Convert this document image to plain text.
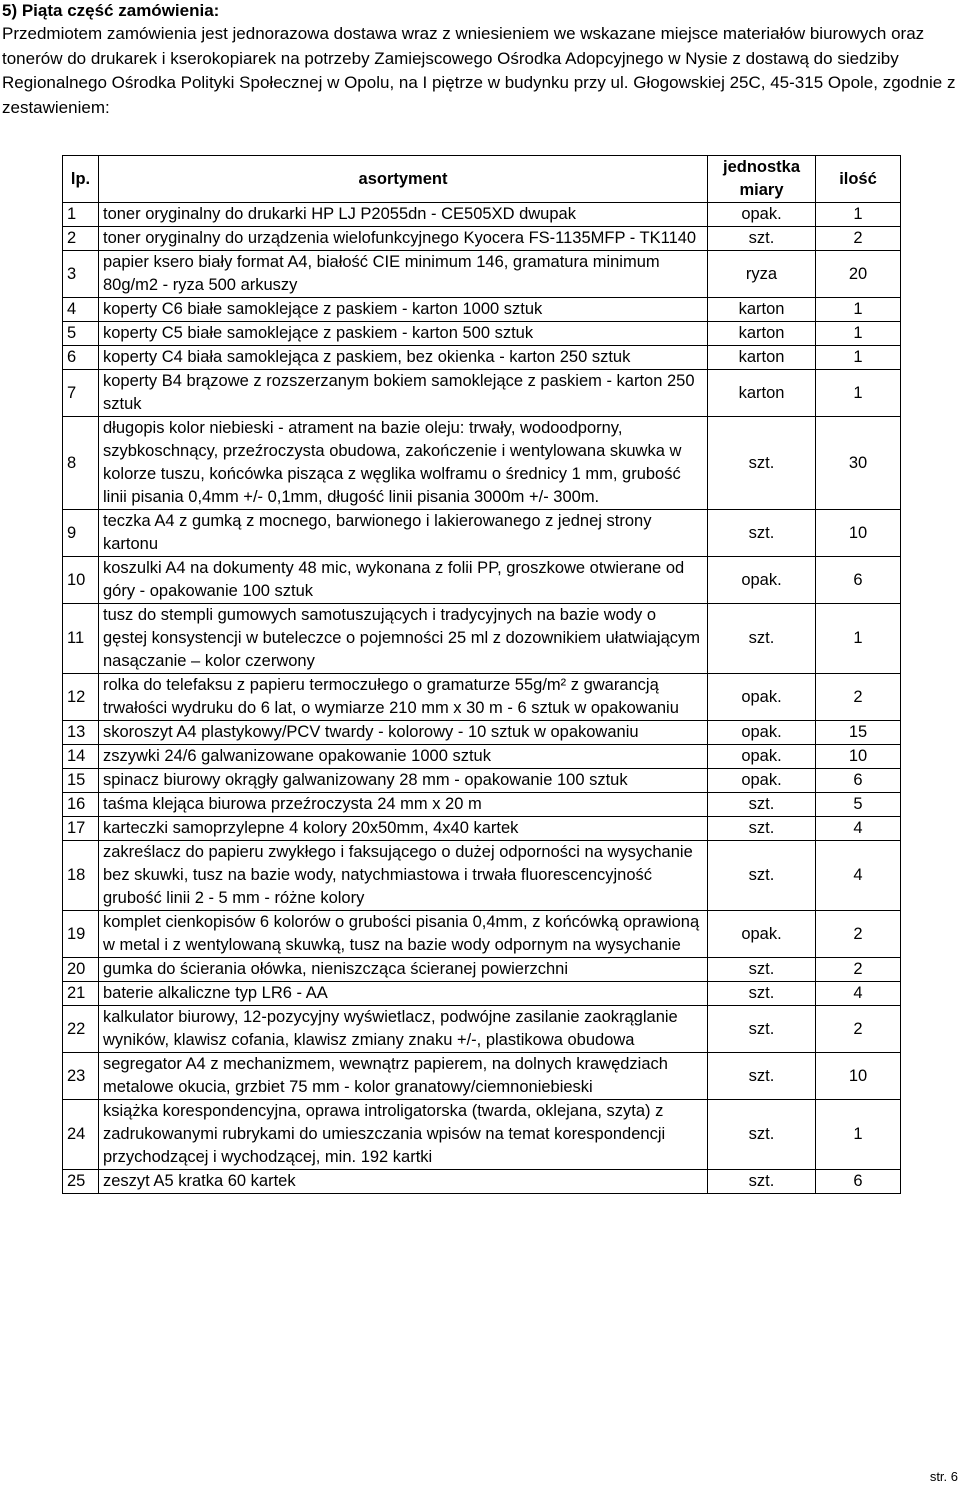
5) Piąta część zamówienia:
Przedmiotem zamówienia jest jednorazowa dostawa wraz z wniesieniem we wskazane miejsce materiałów biurowych oraz tonerów do drukarek i kserokopiarek na potrzeby Zamiejscowego Ośrodka Adopcyjnego w Nysie z dostawą do siedziby Regionalnego Ośrodka Polityki Społecznej w Opolu, na I piętrze w budynku przy ul. Głogowskiej 25C, 45-315 Opole, zgodnie z zestawieniem:
lp.	asortyment	jednostka miary	ilość
1	toner oryginalny do drukarki HP LJ P2055dn - CE505XD dwupak	opak.	1
2	toner oryginalny do urządzenia wielofunkcyjnego Kyocera FS-1135MFP - TK1140	szt.	2
3	papier ksero biały format A4, białość CIE minimum 146, gramatura minimum 80g/m2 - ryza 500 arkuszy	ryza	20
4	koperty C6 białe samoklejące z paskiem - karton 1000 sztuk	karton	1
5	koperty C5 białe samoklejące z paskiem - karton 500 sztuk	karton	1
6	koperty C4 biała samoklejąca z paskiem, bez okienka - karton 250 sztuk	karton	1
7	koperty B4 brązowe z rozszerzanym bokiem samoklejące z paskiem - karton 250 sztuk	karton	1
8	długopis kolor niebieski - atrament na bazie oleju: trwały, wodoodporny, szybkoschnący, przeźroczysta obudowa, zakończenie i wentylowana skuwka w kolorze tuszu, końcówka pisząca z węglika wolframu o średnicy 1 mm, grubość linii pisania 0,4mm +/- 0,1mm, długość linii pisania 3000m +/- 300m.	szt.	30
9	teczka A4 z gumką z mocnego, barwionego i lakierowanego z jednej strony kartonu	szt.	10
10	koszulki A4 na dokumenty 48 mic, wykonana z folii PP, groszkowe otwierane od góry - opakowanie 100 sztuk	opak.	6
11	tusz do stempli gumowych samotuszujących i tradycyjnych na bazie wody o gęstej konsystencji w buteleczce o pojemności 25 ml z dozownikiem ułatwiającym nasączanie – kolor czerwony	szt.	1
12	rolka do telefaksu z papieru termoczułego o gramaturze 55g/m² z gwarancją trwałości wydruku do 6 lat, o wymiarze 210 mm x 30 m - 6 sztuk w opakowaniu	opak.	2
13	skoroszyt A4 plastykowy/PCV twardy - kolorowy - 10 sztuk w opakowaniu	opak.	15
14	zszywki 24/6 galwanizowane opakowanie 1000 sztuk	opak.	10
15	spinacz biurowy okrągły galwanizowany 28 mm - opakowanie 100 sztuk	opak.	6
16	taśma klejąca biurowa przeźroczysta 24 mm x 20 m	szt.	5
17	karteczki samoprzylepne 4 kolory 20x50mm, 4x40 kartek	szt.	4
18	zakreślacz do papieru zwykłego i faksującego o dużej odporności na wysychanie bez skuwki, tusz na bazie wody, natychmiastowa i trwała fluorescencyjność grubość linii 2 - 5 mm - różne kolory	szt.	4
19	komplet cienkopisów 6 kolorów o grubości pisania 0,4mm, z końcówką oprawioną w metal i z wentylowaną skuwką, tusz na bazie wody odpornym na wysychanie	opak.	2
20	gumka do ścierania ołówka, nieniszcząca ścieranej powierzchni	szt.	2
21	baterie alkaliczne typ LR6 - AA	szt.	4
22	kalkulator biurowy, 12-pozycyjny wyświetlacz, podwójne zasilanie zaokrąglanie wyników, klawisz cofania, klawisz zmiany znaku +/-, plastikowa obudowa	szt.	2
23	segregator A4 z mechanizmem, wewnątrz papierem, na dolnych krawędziach metalowe okucia, grzbiet 75 mm - kolor granatowy/ciemnoniebieski	szt.	10
24	książka korespondencyjna, oprawa introligatorska (twarda, oklejana, szyta) z zadrukowanymi rubrykami do umieszczania wpisów na temat korespondencji przychodzącej i wychodzącej, min. 192 kartki	szt.	1
25	zeszyt A5 kratka 60 kartek	szt.	6
str. 6
